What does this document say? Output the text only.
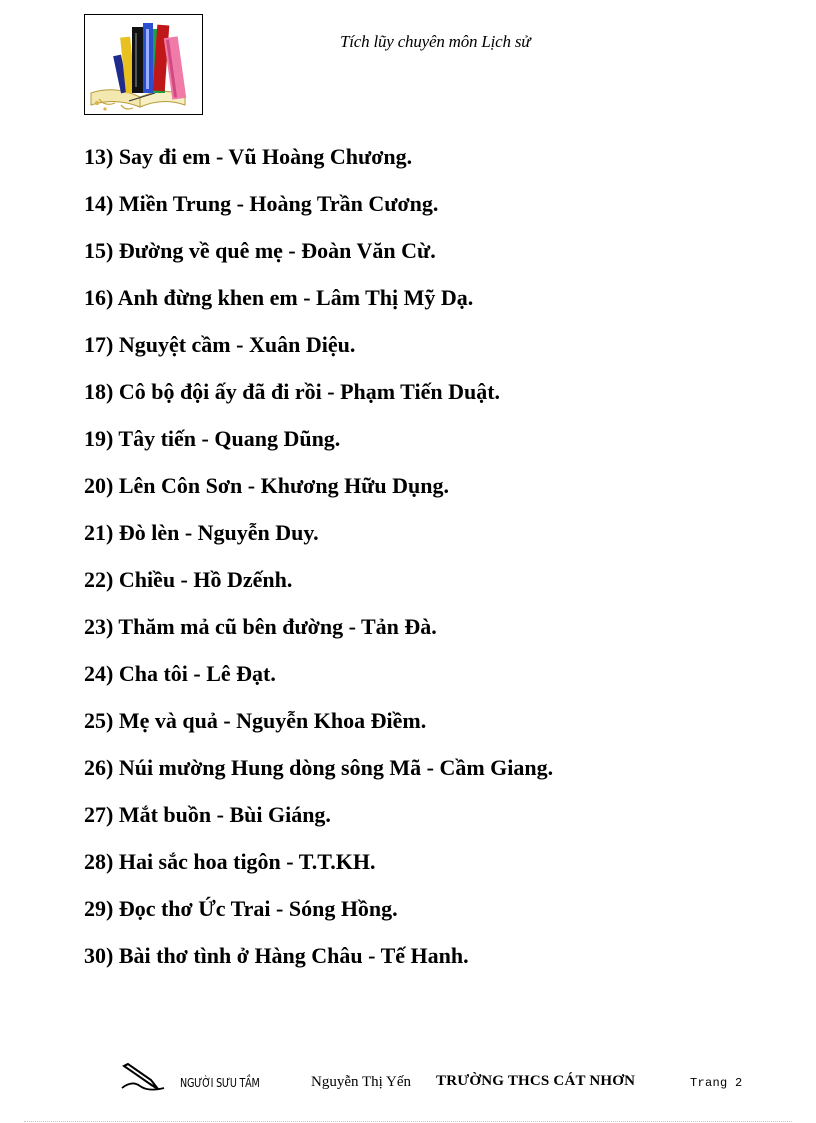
Tích lũy chuyên môn Lịch sử
13) Say đi em - Vũ Hoàng Chương.
14) Miền Trung - Hoàng Trần Cương.
15) Đường về quê mẹ - Đoàn Văn Cừ.
16) Anh đừng khen em - Lâm Thị Mỹ Dạ.
17) Nguyệt cầm - Xuân Diệu.
18) Cô bộ đội ấy đã đi rồi - Phạm Tiến Duật.
19) Tây tiến - Quang Dũng.
20) Lên Côn Sơn - Khương Hữu Dụng.
21) Đò lèn - Nguyễn Duy.
22) Chiều - Hồ Dzếnh.
23) Thăm mả cũ bên đường - Tản Đà.
24) Cha tôi - Lê Đạt.
25) Mẹ và quả - Nguyễn Khoa Điềm.
26) Núi mường Hung dòng sông Mã - Cầm Giang.
27) Mắt buồn - Bùi Giáng.
28) Hai sắc hoa tigôn - T.T.KH.
29) Đọc thơ Ức Trai - Sóng Hồng.
30) Bài thơ tình ở Hàng Châu - Tế Hanh.
NGƯỜI SƯU TẦM	Nguyễn Thị Yến TRƯỜNG THCS CÁT NHƠN	Trang 2
